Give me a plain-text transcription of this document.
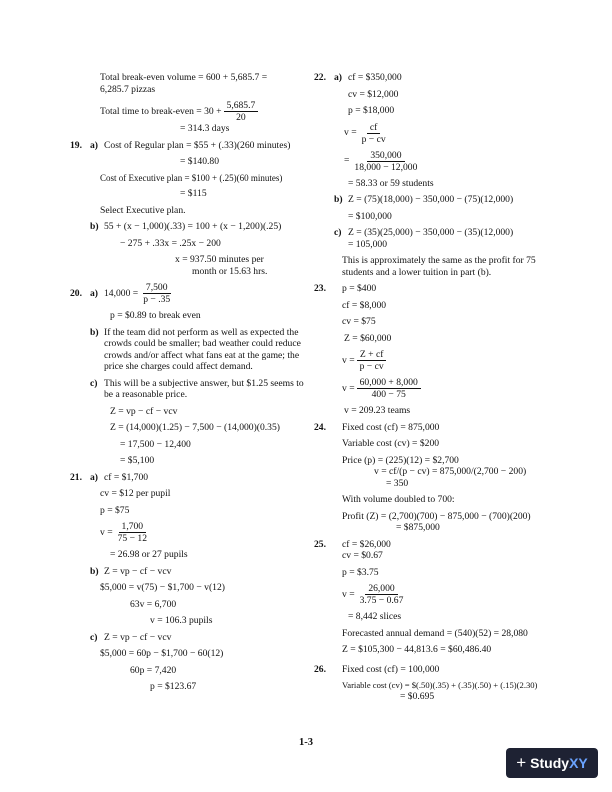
Total break-even volume = 600 + 5,685.7 =

6,285.7 pizzas

Total time to break-even = $30 + \frac{5,685.7}{20}$

= 314.3 days

19. a) Cost of Regular plan = $55 + (.33)(260 minutes)

= $140.80

Cost of Executive plan = $100 + (.25)(60 minutes)

= $115

Select Executive plan.

b) 55 + (x − 1,000)(.33) = 100 + (x − 1,200)(.25)

− 275 + .33x = .25x − 200

x = 937.50 minutes per

month or 15.63 hrs.

20. a) $14,000 = \frac{7,500}{p - .35}$

p = $0.89 to break even

b) If the team did not perform as well as expected the crowds could be smaller; bad weather could reduce crowds and/or affect what fans eat at the game; the price she charges could affect demand.

c) This will be a subjective answer, but $1.25 seems to be a reasonable price.

Z = vp − cf − vcv

Z = (14,000)(1.25) − 7,500 − (14,000)(0.35)

= 17,500 − 12,400

= $5,100

21. a) cf = $1,700

cv = $12 per pupil

p = $75

$v = \frac{1,700}{75 - 12}$

= 26.98 or 27 pupils

b) Z = vp − cf − vcv

$5,000 = v(75) − $1,700 − v(12)

63v = 6,700

v = 106.3 pupils

c) Z = vp − cf − vcv

$5,000 = 60p − $1,700 − 60(12)

60p = 7,420

p = $123.67

22. a) cf = $350,000

cv = $12,000

p = $18,000

$v = \frac{cf}{p - cv}$
= $\frac{350,000}{18,000 - 12,000}$

= 58.33 or 59 students

b) Z = (75)(18,000) − 350,000 − (75)(12,000)

= $100,000

c) Z = (35)(25,000) − 350,000 − (35)(12,000)

= 105,000

This is approximately the same as the profit for 75 students and a lower tuition in part (b).

23. p = $400

cf = $8,000

cv = $75

Z = $60,000

$v = \frac{Z + cf}{p - cv}$
$v = \frac{60,000 + 8,000}{400 - 75}$

v = 209.23 teams

24. Fixed cost (cf) = 875,000

Variable cost (cv) = $200

Price (p) = (225)(12) = $2,700

v = cf/(p − cv) = 875,000/(2,700 − 200)

= 350

With volume doubled to 700:

Profit (Z) = (2,700)(700) − 875,000 − (700)(200)

= $875,000

25. cf = $26,000

cv = $0.67

p = $3.75

$v = \frac{26,000}{3.75 - 0.67}$

= 8,442 slices

Forecasted annual demand = (540)(52) = 28,080

Z = $105,300 − 44,813.6 = $60,486.40

26. Fixed cost (cf) = 100,000

Variable cost (cv) = $(.50)(.35) + (.35)(.50) + (.15)(2.30)

= $0.695

1-3
+ Study XY
